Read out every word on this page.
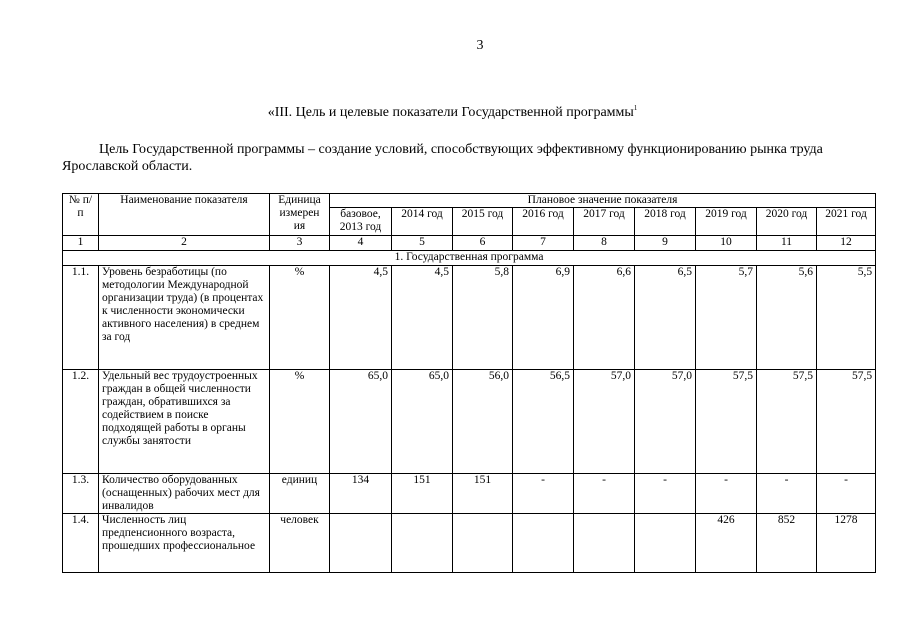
3
«III. Цель и целевые показатели Государственной программы$^1$
Цель Государственной программы – создание условий, способствующих эффективному функционированию рынка труда Ярославской области.
№ п/п	Наименование показателя	Единица измерен ия	Плановое значение показателя								
			базовое, 2013 год	2014 год	2015 год	2016 год	2017 год	2018 год	2019 год	2020 год	2021 год
1	2	3	4	5	6	7	8	9	10	11	12
1. Государственная программа											
1.1.	Уровень безработицы (по методологии Международной организации труда) (в процентах к численности экономически активного населения) в среднем за год	%	4,5	4,5	5,8	6,9	6,6	6,5	5,7	5,6	5,5
1.2.	Удельный вес трудоустроенных граждан в общей численности граждан, обратившихся за содействием в поиске подходящей работы в органы службы занятости	%	65,0	65,0	56,0	56,5	57,0	57,0	57,5	57,5	57,5
1.3.	Количество оборудованных (оснащенных) рабочих мест для инвалидов	единиц	134	151	151	-	-	-	-	-	-
1.4.	Численность лиц предпенсионного возраста, прошедших профессиональное	человек							426	852	1278
